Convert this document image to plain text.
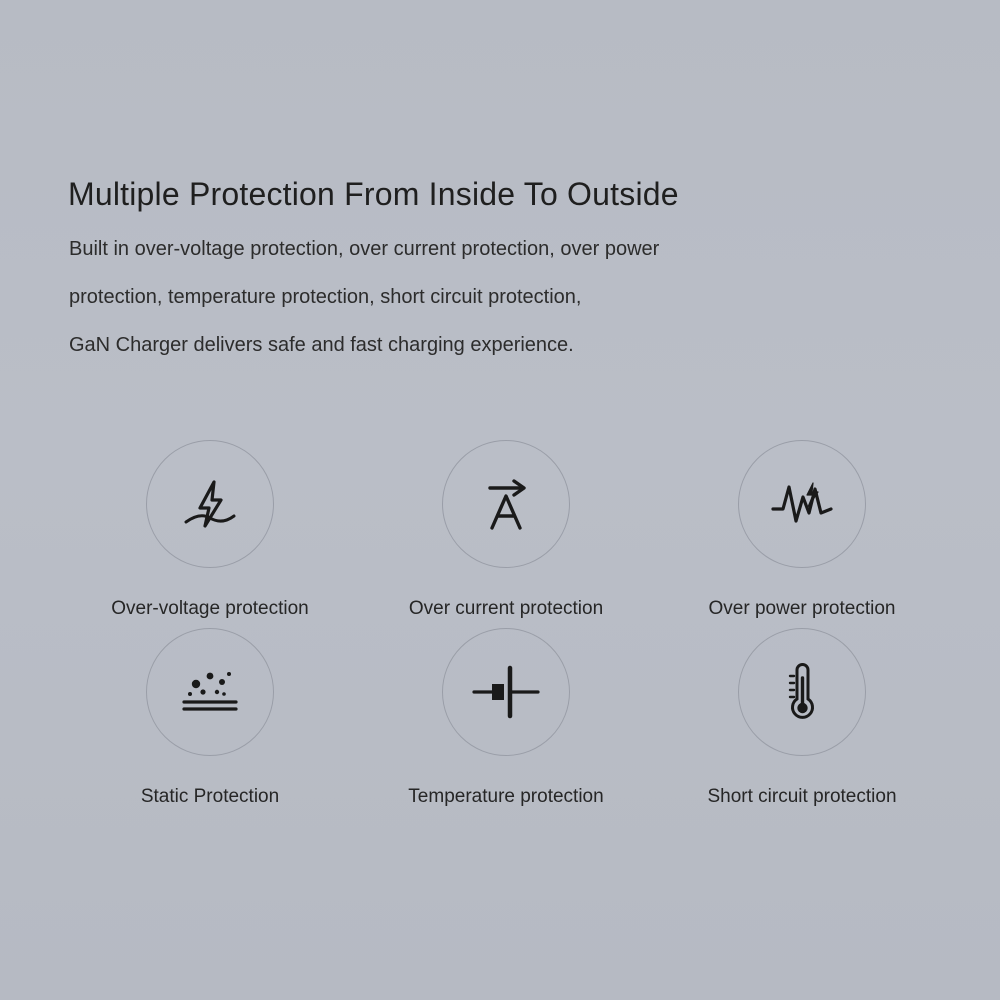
Multiple Protection From Inside To Outside
Built in over-voltage protection, over current protection, over power
protection, temperature protection, short circuit protection,
GaN Charger delivers safe and fast charging experience.
Over-voltage protection	Over current protection	Over power protection
Static Protection	Temperature protection	Short circuit protection
